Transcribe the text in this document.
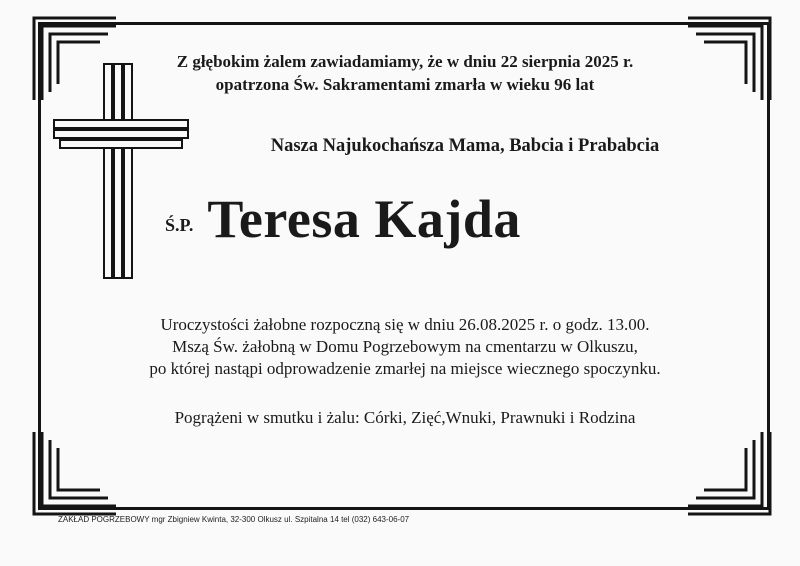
Z głębokim żalem zawiadamiamy, że w dniu 22 sierpnia 2025 r.
opatrzona Św. Sakramentami zmarła w wieku 96 lat
Nasza Najukochańsza Mama, Babcia i Prababcia
Ś.P. Teresa Kajda
Uroczystości żałobne rozpoczną się w dniu 26.08.2025 r. o godz. 13.00.
Mszą Św. żałobną w Domu Pogrzebowym na cmentarzu w Olkuszu,
po której nastąpi odprowadzenie zmarłej na miejsce wiecznego spoczynku.
Pogrążeni w smutku i żalu: Córki, Zięć,Wnuki, Prawnuki i Rodzina
ZAKŁAD POGRZEBOWY mgr Zbigniew Kwinta, 32-300 Olkusz ul. Szpitalna 14 tel (032) 643-06-07
